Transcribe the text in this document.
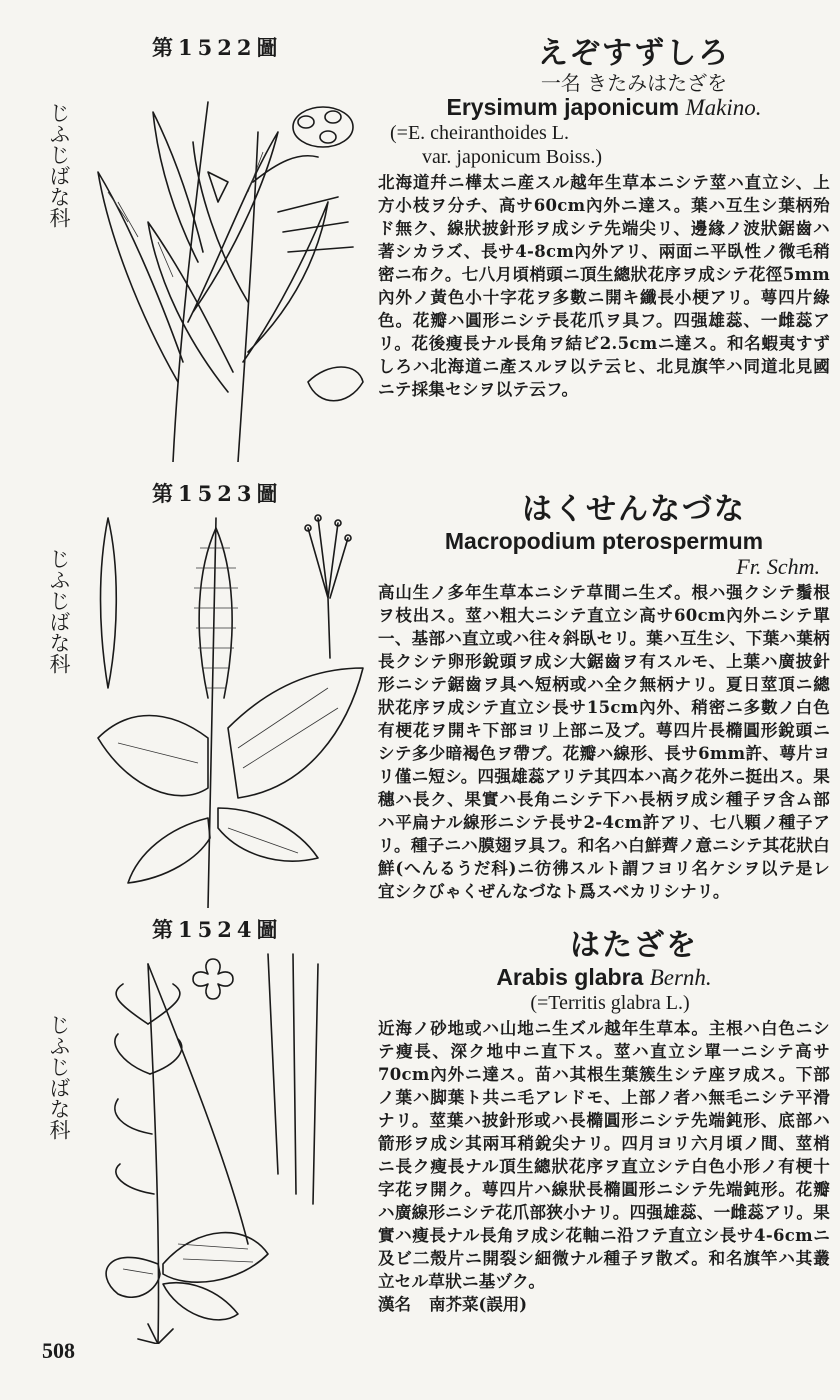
第1522圖
じふじばな科
えぞすずしろ
一名 きたみはたざを
Erysimum japonicum Makino.
(=E. cheiranthoides L.
var. japonicum Boiss.)

北海道幷ニ樺太ニ産スル越年生草本ニシテ莖ハ直立シ、上方小枝ヲ分チ、高サ60cm內外ニ達ス。葉ハ互生シ葉柄殆ド無ク、線狀披針形ヲ成シテ先端尖リ、邊緣ノ波狀鋸齒ハ著シカラズ、長サ4-8cm內外アリ、兩面ニ平臥性ノ微毛稍密ニ布ク。七八月頃梢頭ニ頂生總狀花序ヲ成シテ花徑5mm內外ノ黃色小十字花ヲ多數ニ開キ纖長小梗アリ。萼四片綠色。花瓣ハ圓形ニシテ長花爪ヲ具フ。四强雄蕊、一雌蕊アリ。花後瘦長ナル長角ヲ結ビ2.5cmニ達ス。和名蝦夷すずしろハ北海道ニ產スルヲ以テ云ヒ、北見旗竿ハ同道北見國ニテ採集セシヲ以テ云フ。

第1523圖
じふじばな科
はくせんなづな
Macropodium pterospermum
Fr. Schm.

高山生ノ多年生草本ニシテ草間ニ生ズ。根ハ强クシテ鬚根ヲ枝出ス。莖ハ粗大ニシテ直立シ高サ60cm內外ニシテ單一、基部ハ直立或ハ往々斜臥セリ。葉ハ互生シ、下葉ハ葉柄長クシテ卵形銳頭ヲ成シ大鋸齒ヲ有スルモ、上葉ハ廣披針形ニシテ鋸齒ヲ具ヘ短柄或ハ全ク無柄ナリ。夏日莖頂ニ總狀花序ヲ成シテ直立シ長サ15cm內外、稍密ニ多數ノ白色有梗花ヲ開キ下部ヨリ上部ニ及ブ。萼四片長橢圓形銳頭ニシテ多少暗褐色ヲ帶ブ。花瓣ハ線形、長サ6mm許、萼片ヨリ僅ニ短シ。四强雄蕊アリテ其四本ハ高ク花外ニ挺出ス。果穗ハ長ク、果實ハ長角ニシテ下ハ長柄ヲ成シ種子ヲ含ム部ハ平扁ナル線形ニシテ長サ2-4cm許アリ、七八顆ノ種子アリ。種子ニハ膜翅ヲ具フ。和名ハ白鮮薺ノ意ニシテ其花狀白鮮(へんるうだ科)ニ彷彿スルト謂フヨリ名ケシヲ以テ是レ宜シクびゃくぜんなづなト爲スベカリシナリ。

第1524圖
じふじばな科
はたざを
Arabis glabra Bernh.
(=Territis glabra L.)

近海ノ砂地或ハ山地ニ生ズル越年生草本。主根ハ白色ニシテ瘦長、深ク地中ニ直下ス。莖ハ直立シ單一ニシテ高サ70cm內外ニ達ス。苗ハ其根生葉簇生シテ座ヲ成ス。下部ノ葉ハ脚葉ト共ニ毛アレドモ、上部ノ者ハ無毛ニシテ平滑ナリ。莖葉ハ披針形或ハ長橢圓形ニシテ先端鈍形、底部ハ箭形ヲ成シ其兩耳稍銳尖ナリ。四月ヨリ六月頃ノ間、莖梢ニ長ク瘦長ナル頂生總狀花序ヲ直立シテ白色小形ノ有梗十字花ヲ開ク。萼四片ハ線狀長橢圓形ニシテ先端鈍形。花瓣ハ廣線形ニシテ花爪部狹小ナリ。四强雄蕊、一雌蕊アリ。果實ハ瘦長ナル長角ヲ成シ花軸ニ沿フテ直立シ長サ4-6cmニ及ビ二殼片ニ開裂シ細微ナル種子ヲ散ズ。和名旗竿ハ其叢立セル草狀ニ基ヅク。

漢名 南芥菜(誤用)
508
